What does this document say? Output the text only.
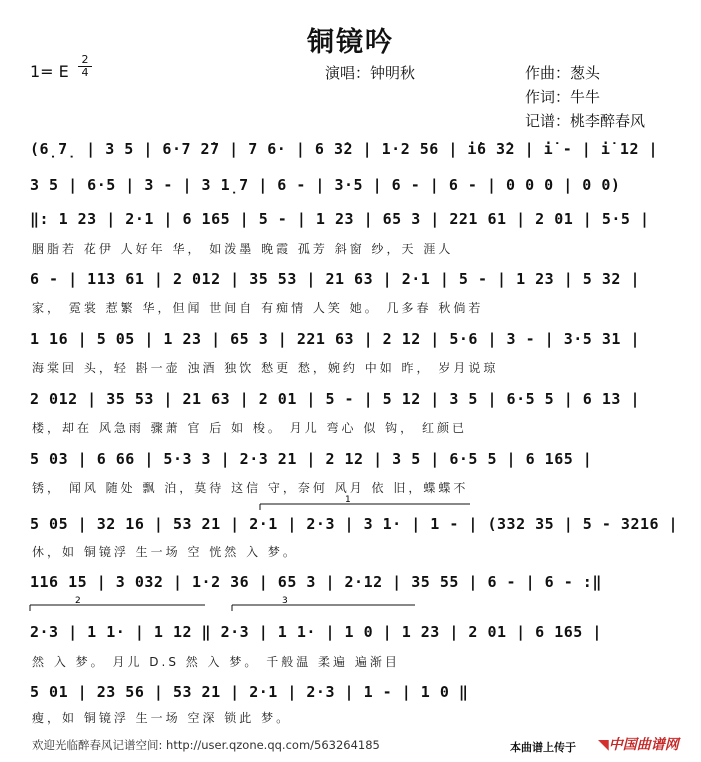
铜镜吟
1= E $\frac{2}{4}$	演唱：钟明秋	作曲：葱头
作词：牛牛
记谱：桃李醉春风
(6̣7̣ | 3 5 | 6·7 2̇7 | 7 6· | 6 3̇2 | 1·2 56 | i̇6 3̇2 | i̇ - | i̇ 12 |
3 5 | 6·5 | 3 - | 3 1̣7 | 6 - | 3·5 | 6 - | 6 - | 0 0 0 | 0 0)
‖: 1 23 | 2·1 | 6 165 | 5 - | 1 23 | 65 3 | 221 61 | 2 01 | 5·5 |
胭脂若 花伊 人好年 华， 如泼墨 晚霞 孤芳 斜窗 纱，天 涯人
6 - | 113 61 | 2 012 | 35 53 | 21 63 | 2·1 | 5 - | 1 23 | 5 32 |
家， 霓裳 惹繁 华，但闻 世间自 有痴情 人笑 她。 几多春 秋倘若
1 16 | 5 05 | 1 23 | 65 3 | 221 63 | 2 12 | 5·6 | 3 - | 3·5 31 |
海棠回 头，轻 斟一壶 浊酒 独饮 愁更 愁，婉约 中如 昨， 岁月说琼
2 012 | 35 53 | 21 63 | 2 01 | 5 - | 5 12 | 3 5 | 6·5 5 | 6 13 |
楼，却在 风急雨 骤萧 官 后 如 梭。 月儿 弯心 似 钩， 红颜已
5 03 | 6 66 | 5·3 3 | 2·3 21 | 2 12 | 3 5 | 6·5 5 | 6 165 |
锈， 闻风 随处 飘 泊，莫待 这信 守，奈何 风月 依 旧，蝶蝶不
5 05 | 32 16 | 53 21 | 2·1 | 2·3 | 3 1· | 1 - | (332 35 | 5 - 3216 |
休，如 铜镜浮 生一场 空 恍然 入 梦。
116 15 | 3 032 | 1·2 36 | 65 3 | 2·12 | 35 55 | 6 - | 6 - :‖
2·3 | 1 1· | 1 12 ‖ 2·3 | 1 1· | 1 0 | 1 23 | 2 01 | 6 165 |
然 入 梦。 月儿 D.S 然 入 梦。 千般温 柔遍 遍渐目
5 01 | 23 56 | 53 21 | 2·1 | 2·3 | 1 - | 1 0 ‖
瘦，如 铜镜浮 生一场 空深 锁此 梦。
1
2	3
欢迎光临醉春风记谱空间: http://user.qzone.qq.com/563264185	本曲谱上传于 ◥中国曲谱网
